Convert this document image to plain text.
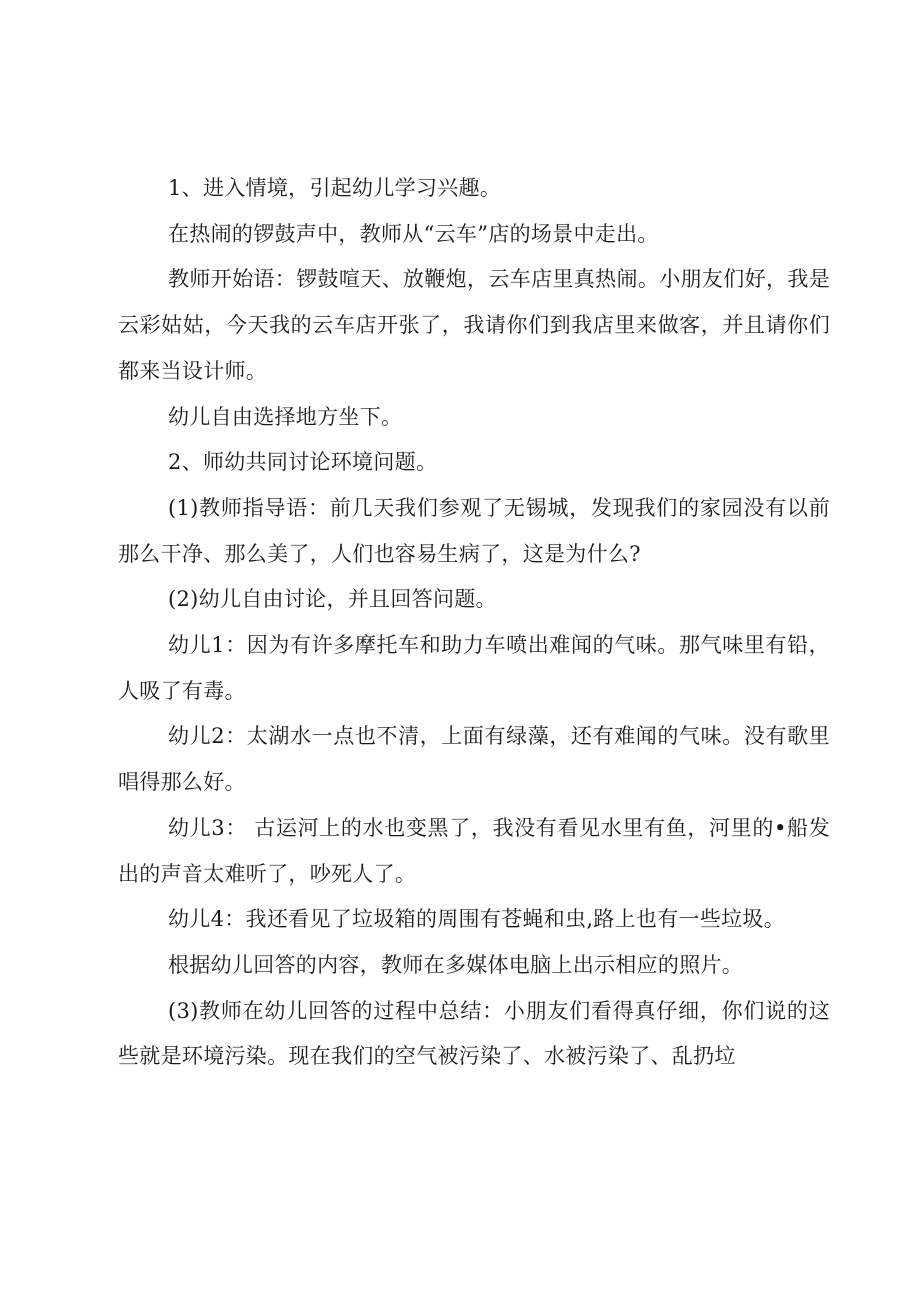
1、进入情境，引起幼儿学习兴趣。

在热闹的锣鼓声中，教师从“云车”店的场景中走出。

教师开始语：锣鼓喧天、放鞭炮，云车店里真热闹。小朋友们好，我是云彩姑姑，今天我的云车店开张了，我请你们到我店里来做客，并且请你们都来当设计师。

幼儿自由选择地方坐下。

2、师幼共同讨论环境问题。

(1)教师指导语：前几天我们参观了无锡城，发现我们的家园没有以前那么干净、那么美了，人们也容易生病了，这是为什么?

(2)幼儿自由讨论，并且回答问题。

幼儿1：因为有许多摩托车和助力车喷出难闻的气味。那气味里有铅，人吸了有毒。

幼儿2：太湖水一点也不清，上面有绿藻，还有难闻的气味。没有歌里唱得那么好。

幼儿3： 古运河上的水也变黑了，我没有看见水里有鱼，河里的•船发出的声音太难听了，吵死人了。

幼儿4：我还看见了垃圾箱的周围有苍蝇和虫,路上也有一些垃圾。

根据幼儿回答的内容，教师在多媒体电脑上出示相应的照片。

(3)教师在幼儿回答的过程中总结：小朋友们看得真仔细，你们说的这些就是环境污染。现在我们的空气被污染了、水被污染了、乱扔垃
